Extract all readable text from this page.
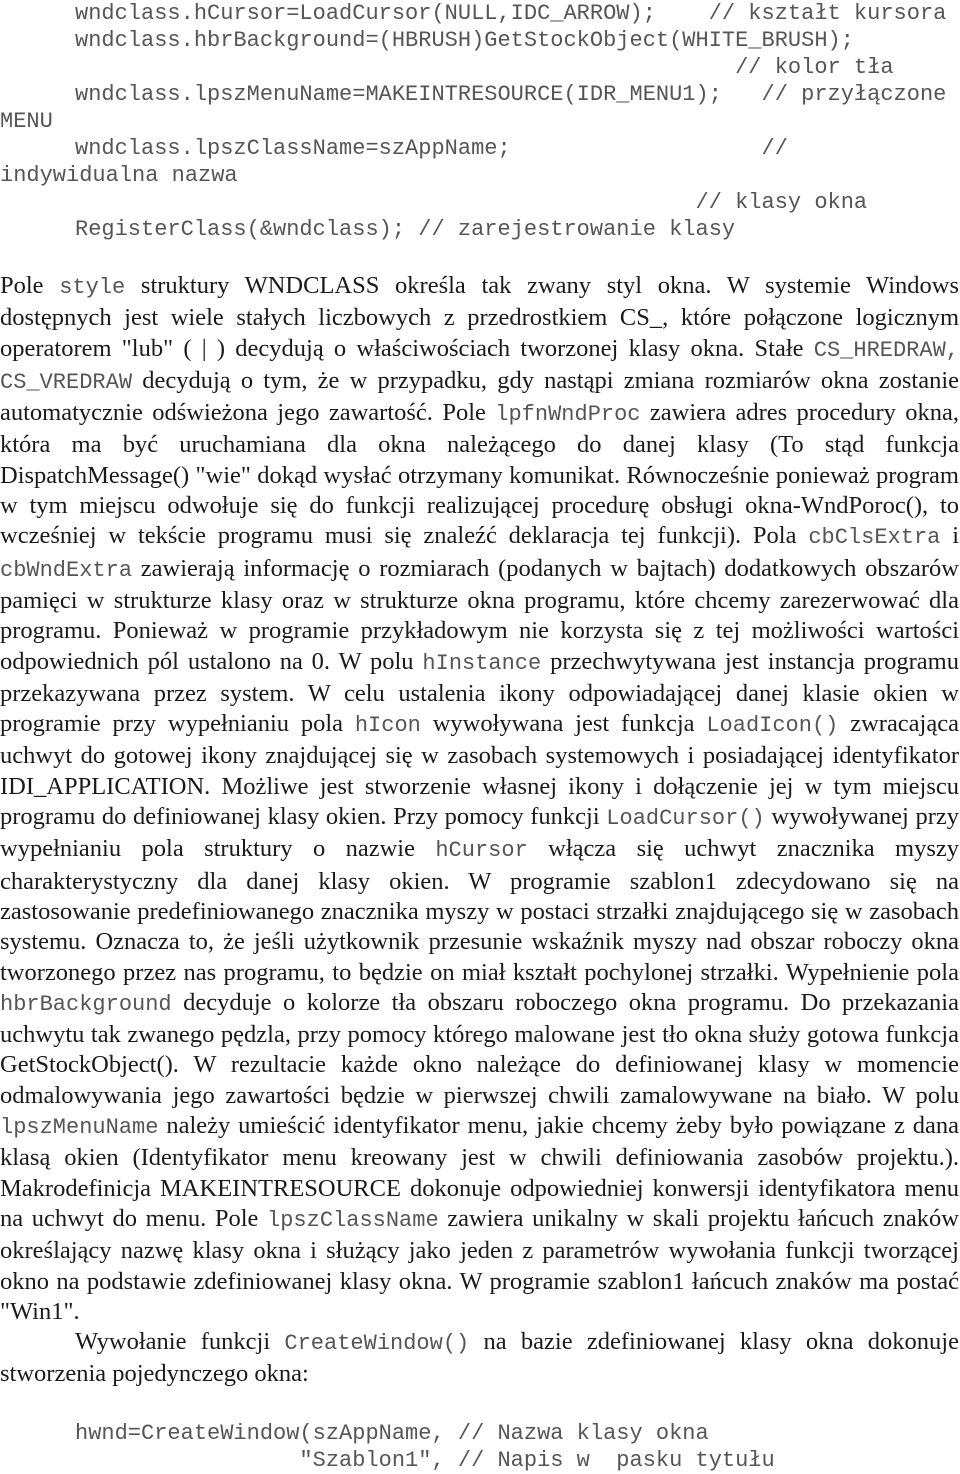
wndclass.hCursor=LoadCursor(NULL,IDC_ARROW);    // kształt kursora
wndclass.hbrBackground=(HBRUSH)GetStockObject(WHITE_BRUSH);
// kolor tła
wndclass.lpszMenuName=MAKEINTRESOURCE(IDR_MENU1);   // przyłączone
MENU
wndclass.lpszClassName=szAppName;                   //
indywidualna nazwa
// klasy okna
RegisterClass(&wndclass); // zarejestrowanie klasy

Pole style struktury WNDCLASS określa tak zwany styl okna. W systemie Windows dostępnych jest wiele stałych liczbowych z przedrostkiem CS_, które połączone logicznym operatorem "lub" ( | ) decydują o właściwościach tworzonej klasy okna. Stałe CS_HREDRAW, CS_VREDRAW decydują o tym, że w przypadku, gdy nastąpi zmiana rozmiarów okna zostanie automatycznie odświeżona jego zawartość. Pole lpfnWndProc zawiera adres procedury okna, która ma być uruchamiana dla okna należącego do danej klasy (To stąd funkcja DispatchMessage() "wie" dokąd wysłać otrzymany komunikat. Równocześnie ponieważ program w tym miejscu odwołuje się do funkcji realizującej procedurę obsługi okna-WndPoroc(), to wcześniej w tekście programu musi się znaleźć deklaracja tej funkcji). Pola cbClsExtra i cbWndExtra zawierają informację o rozmiarach (podanych w bajtach) dodatkowych obszarów pamięci w strukturze klasy oraz w strukturze okna programu, które chcemy zarezerwować dla programu. Ponieważ w programie przykładowym nie korzysta się z tej możliwości wartości odpowiednich pól ustalono na 0. W polu hInstance przechwytywana jest instancja programu przekazywana przez system. W celu ustalenia ikony odpowiadającej danej klasie okien w programie przy wypełnianiu pola hIcon wywoływana jest funkcja LoadIcon() zwracająca uchwyt do gotowej ikony znajdującej się w zasobach systemowych i posiadającej identyfikator IDI_APPLICATION. Możliwe jest stworzenie własnej ikony i dołączenie jej w tym miejscu programu do definiowanej klasy okien. Przy pomocy funkcji LoadCursor() wywoływanej przy wypełnianiu pola struktury o nazwie hCursor włącza się uchwyt znacznika myszy charakterystyczny dla danej klasy okien. W programie szablon1 zdecydowano się na zastosowanie predefiniowanego znacznika myszy w postaci strzałki znajdującego się w zasobach systemu. Oznacza to, że jeśli użytkownik przesunie wskaźnik myszy nad obszar roboczy okna tworzonego przez nas programu, to będzie on miał kształt pochylonej strzałki. Wypełnienie pola hbrBackground decyduje o kolorze tła obszaru roboczego okna programu. Do przekazania uchwytu tak zwanego pędzla, przy pomocy którego malowane jest tło okna służy gotowa funkcja GetStockObject(). W rezultacie każde okno należące do definiowanej klasy w momencie odmalowywania jego zawartości będzie w pierwszej chwili zamalowywane na biało. W polu lpszMenuName należy umieścić identyfikator menu, jakie chcemy żeby było powiązane z dana klasą okien (Identyfikator menu kreowany jest w chwili definiowania zasobów projektu.). Makrodefinicja MAKEINTRESOURCE dokonuje odpowiedniej konwersji identyfikatora menu na uchwyt do menu. Pole lpszClassName zawiera unikalny w skali projektu łańcuch znaków określający nazwę klasy okna i służący jako jeden z parametrów wywołania funkcji tworzącej okno na podstawie zdefiniowanej klasy okna. W programie szablon1 łańcuch znaków ma postać "Win1".

Wywołanie funkcji CreateWindow() na bazie zdefiniowanej klasy okna dokonuje stworzenia pojedynczego okna:

hwnd=CreateWindow(szAppName, // Nazwa klasy okna
"Szablon1", // Napis w  pasku tytułu
